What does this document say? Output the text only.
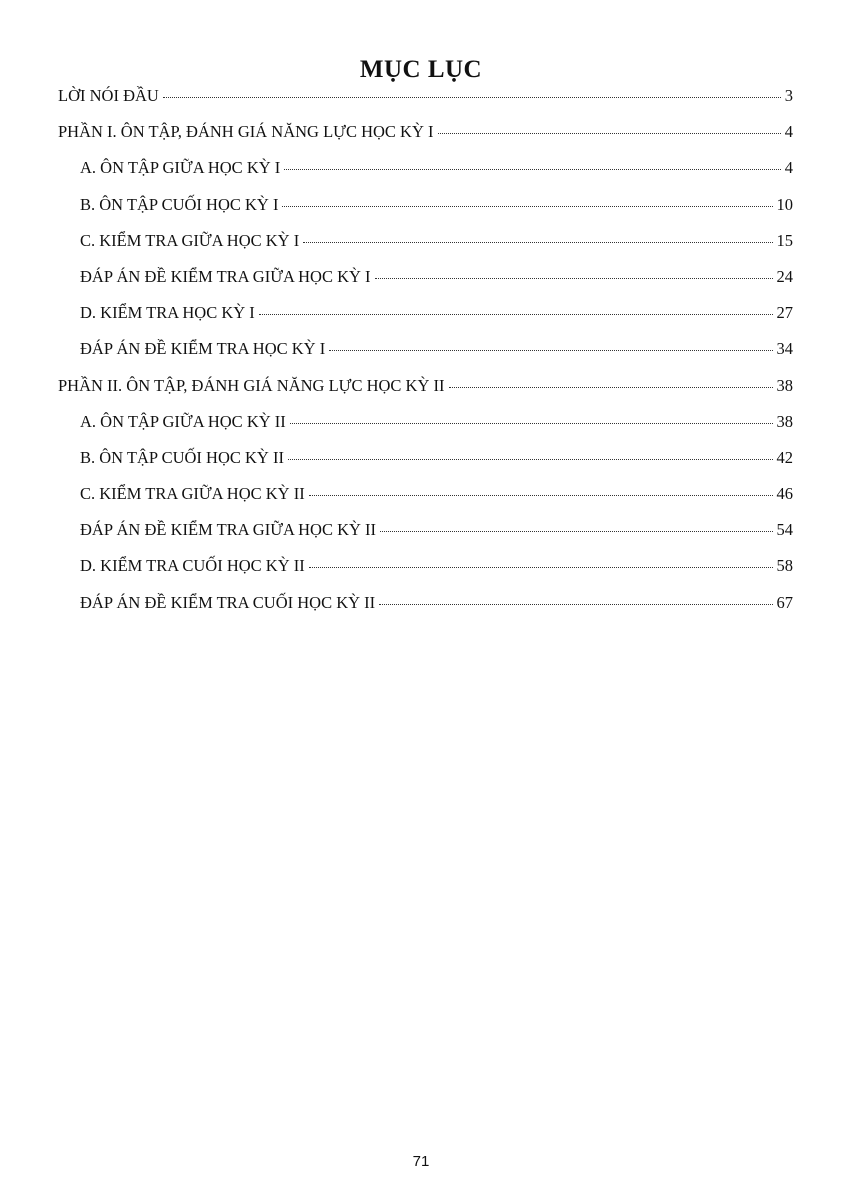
MỤC LỤC
LỜI NÓI ĐẦU	3
PHẦN I. ÔN TẬP, ĐÁNH GIÁ NĂNG LỰC HỌC KỲ I	4
A. ÔN TẬP GIỮA HỌC KỲ I	4
B. ÔN TẬP CUỐI HỌC KỲ I	10
C. KIỂM TRA GIỮA HỌC KỲ I	15
ĐÁP ÁN ĐỀ KIỂM TRA GIỮA HỌC KỲ I	24
D. KIỂM TRA HỌC KỲ I	27
ĐÁP ÁN ĐỀ KIỂM TRA HỌC KỲ I	34
PHẦN II. ÔN TẬP, ĐÁNH GIÁ NĂNG LỰC HỌC KỲ II	38
A. ÔN TẬP GIỮA HỌC KỲ II	38
B. ÔN TẬP CUỐI HỌC KỲ II	42
C. KIỂM TRA GIỮA HỌC KỲ II	46
ĐÁP ÁN ĐỀ KIỂM TRA GIỮA HỌC KỲ II	54
D. KIỂM TRA CUỐI HỌC KỲ II	58
ĐÁP ÁN ĐỀ KIỂM TRA CUỐI HỌC KỲ II	67
71
